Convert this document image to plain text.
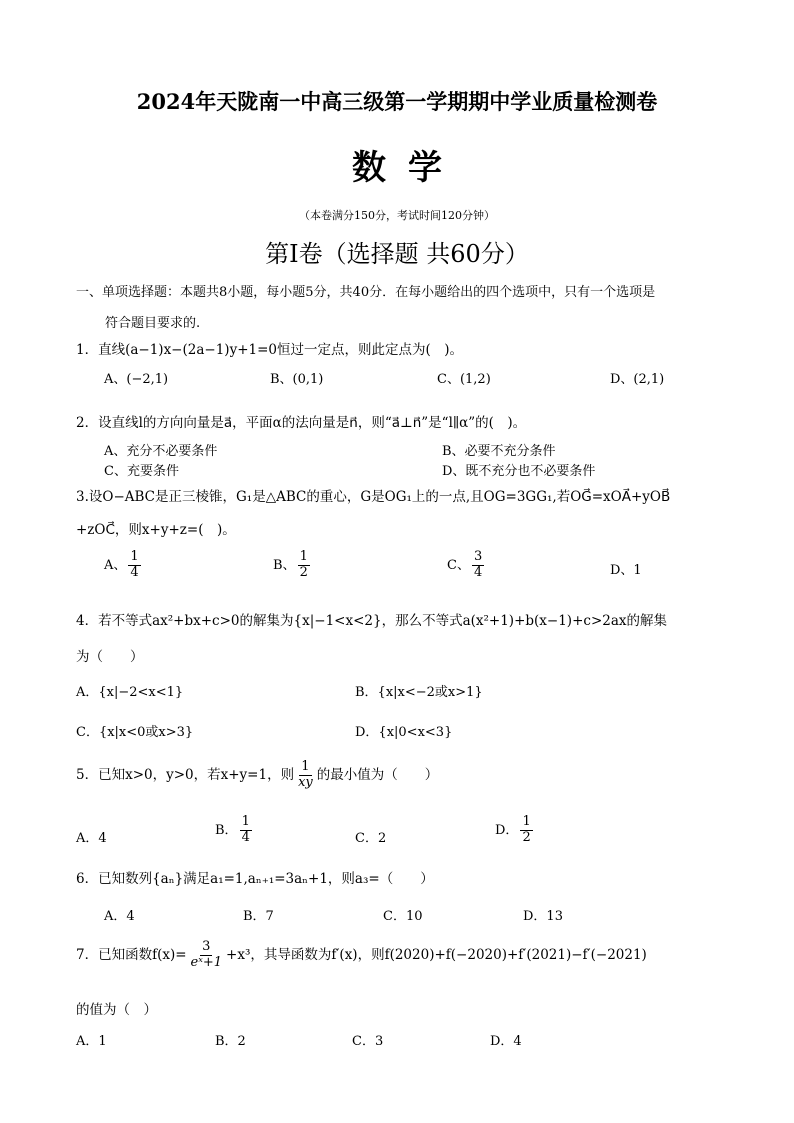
2024年天陇南一中高三级第一学期期中学业质量检测卷
数学
（本卷满分150分，考试时间120分钟）
第Ⅰ卷（选择题 共60分）
一、单项选择题：本题共8小题，每小题5分，共40分．在每小题给出的四个选项中，只有一个选项是
符合题目要求的.
1．直线(a−1)x−(2a−1)y+1=0恒过一定点，则此定点为(　)。
A、(−2,1)	B、(0,1)	C、(1,2)	D、(2,1)
2．设直线l的方向向量是a⃗，平面α的法向量是n⃗，则“a⃗⊥n⃗”是“l∥α”的(　)。
A、充分不必要条件	B、必要不充分条件
C、充要条件	D、既不充分也不必要条件
3.设O−ABC是正三棱锥，G₁是△ABC的重心，G是OG₁上的一点,且OG=3GG₁,若OG⃗=xOA⃗+yOB⃗
+zOC⃗，则x+y+z=(　)。
A、 $\frac{1}{4}$	B、 $\frac{1}{2}$	C、 $\frac{3}{4}$	D、1
4．若不等式ax²+bx+c>0的解集为{x|−1<x<2}，那么不等式a(x²+1)+b(x−1)+c>2ax的解集
为（　　）
A．{x|−2<x<1}	B．{x|x<−2或x>1}
C．{x|x<0或x>3}	D．{x|0<x<3}
5．已知x>0，y>0，若x+y=1，则 $\frac{1}{xy}$ 的最小值为（　　）
A．4
B． $\frac{1}{4}$	C．2
D． $\frac{1}{2}$
6．已知数列{aₙ}满足a₁=1,aₙ₊₁=3aₙ+1，则a₃=（　　）
A．4	B．7	C．10	D．13
7．已知函数$f(x)= \frac{3}{\text{eˣ+1}} +x^3$，其导函数为f′(x)，则f(2020)+f(−2020)+f′(2021)−f′(−2021)
的值为（　）
A．1	B．2	C．3	D．4
